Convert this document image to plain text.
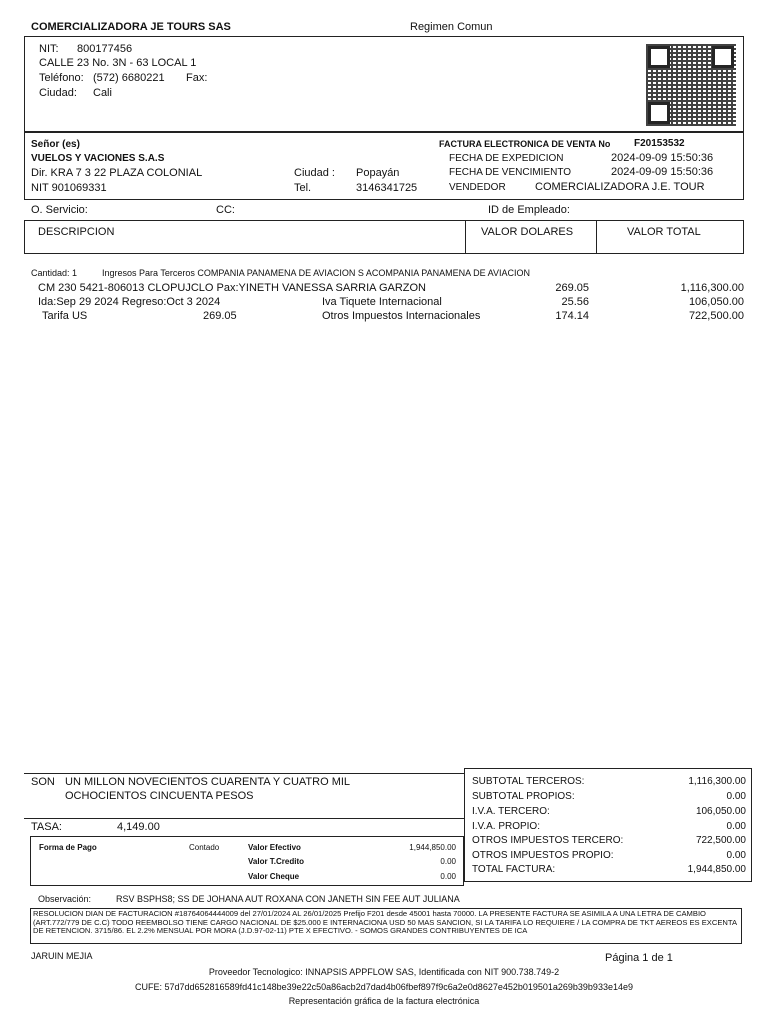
COMERCIALIZADORA JE TOURS SAS	Regimen Comun
NIT: 800177456
CALLE 23 No. 3N - 63 LOCAL 1
Teléfono: (572) 6680221 Fax:
Ciudad: Cali
Señor (es)
VUELOS Y VACIONES S.A.S
Dir. KRA 7 3 22 PLAZA COLONIAL
NIT 901069331
Ciudad : Popayán
Tel.	3146341725
FACTURA ELECTRONICA DE VENTA No F20153532
FECHA DE EXPEDICION	2024-09-09 15:50:36
FECHA DE VENCIMIENTO	2024-09-09 15:50:36
VENDEDOR	COMERCIALIZADORA J.E. TOUR
O. Servicio:	CC:	ID de Empleado:
DESCRIPCION	VALOR DOLARES	VALOR TOTAL
Cantidad: 1	Ingresos Para Terceros COMPANIA PANAMENA DE AVIACION S ACOMPANIA PANAMENA DE AVIACION
CM 230 5421-806013 CLOPUJCLO Pax:YINETH VANESSA SARRIA GARZON	269.05	1,116,300.00
Ida:Sep 29 2024 Regreso:Oct 3 2024	Iva Tiquete Internacional	25.56	106,050.00
Tarifa US	269.05	Otros Impuestos Internacionales	174.14	722,500.00
SON UN MILLON NOVECIENTOS CUARENTA Y CUATRO MIL
OCHOCIENTOS CINCUENTA PESOS
TASA:	4,149.00
Forma de Pago	Contado	Valor Efectivo	1,944,850.00
Valor T.Credito	0.00
Valor Cheque	0.00
SUBTOTAL TERCEROS:	1,116,300.00
SUBTOTAL PROPIOS:	0.00
I.V.A. TERCERO:	106,050.00
I.V.A. PROPIO:	0.00
OTROS IMPUESTOS TERCERO:	722,500.00
OTROS IMPUESTOS PROPIO:	0.00
TOTAL FACTURA:	1,944,850.00
Observación:	RSV BSPHS8; SS DE JOHANA AUT ROXANA CON JANETH SIN FEE AUT JULIANA
RESOLUCION DIAN DE FACTURACION #18764064444009 del 27/01/2024 AL 26/01/2025 Prefijo F201 desde 45001 hasta 70000. LA PRESENTE FACTURA SE ASIMILA A UNA LETRA DE CAMBIO (ART.772/779 DE C.C) TODO REEMBOLSO TIENE CARGO NACIONAL DE $25.000 E INTERNACIONA USD 50 MAS SANCION, SI LA TARIFA LO REQUIERE / LA COMPRA DE TKT AEREOS ES EXCENTA DE RETENCION. 3715/86. EL 2.2% MENSUAL POR MORA (J.D.97-02-11) PTE X EFECTIVO. - SOMOS GRANDES CONTRIBUYENTES DE ICA
JARUIN MEJIA	Página 1 de 1
Proveedor Tecnologico: INNAPSIS APPFLOW SAS, Identificada con NIT 900.738.749-2
CUFE: 57d7dd652816589fd41c148be39e22c50a86acb2d7dad4b06fbef897f9c6a2e0d8627e452b019501a269b39b933e14e9
Representación gráfica de la factura electrónica
